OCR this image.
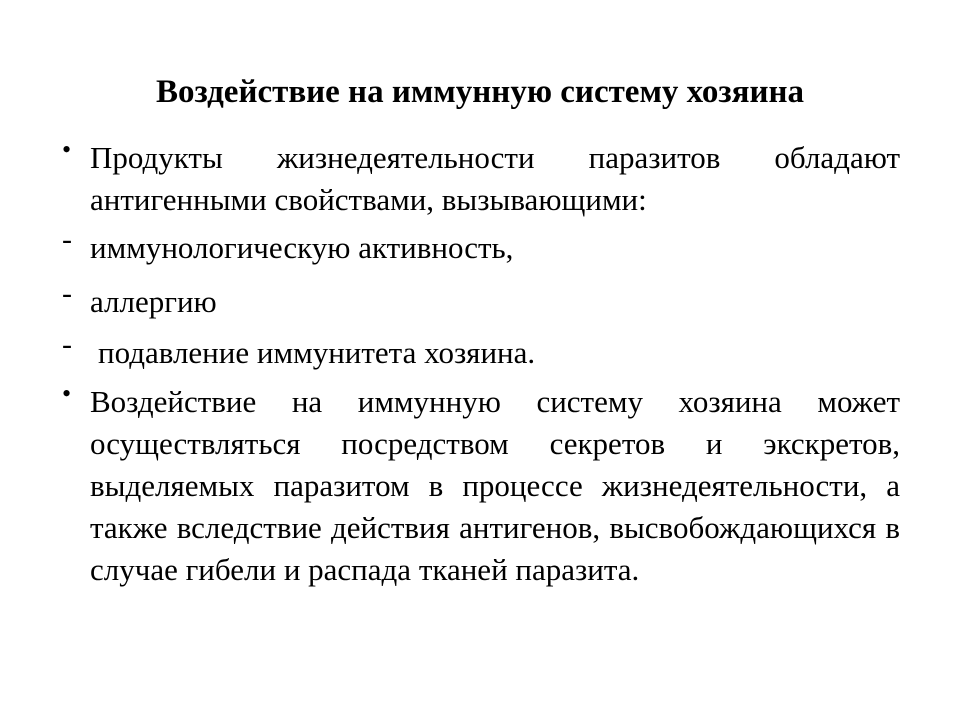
Воздействие на иммунную систему хозяина
• Продукты жизнедеятельности паразитов обладают антигенными свойствами, вызывающими:
- иммунологическую активность,
- аллергию
- подавление иммунитета хозяина.
• Воздействие на иммунную систему хозяина может осуществляться посредством секретов и экскретов, выделяемых паразитом в процессе жизнедеятельности, а также вследствие действия антигенов, высвобождающихся в случае гибели и распада тканей паразита.
